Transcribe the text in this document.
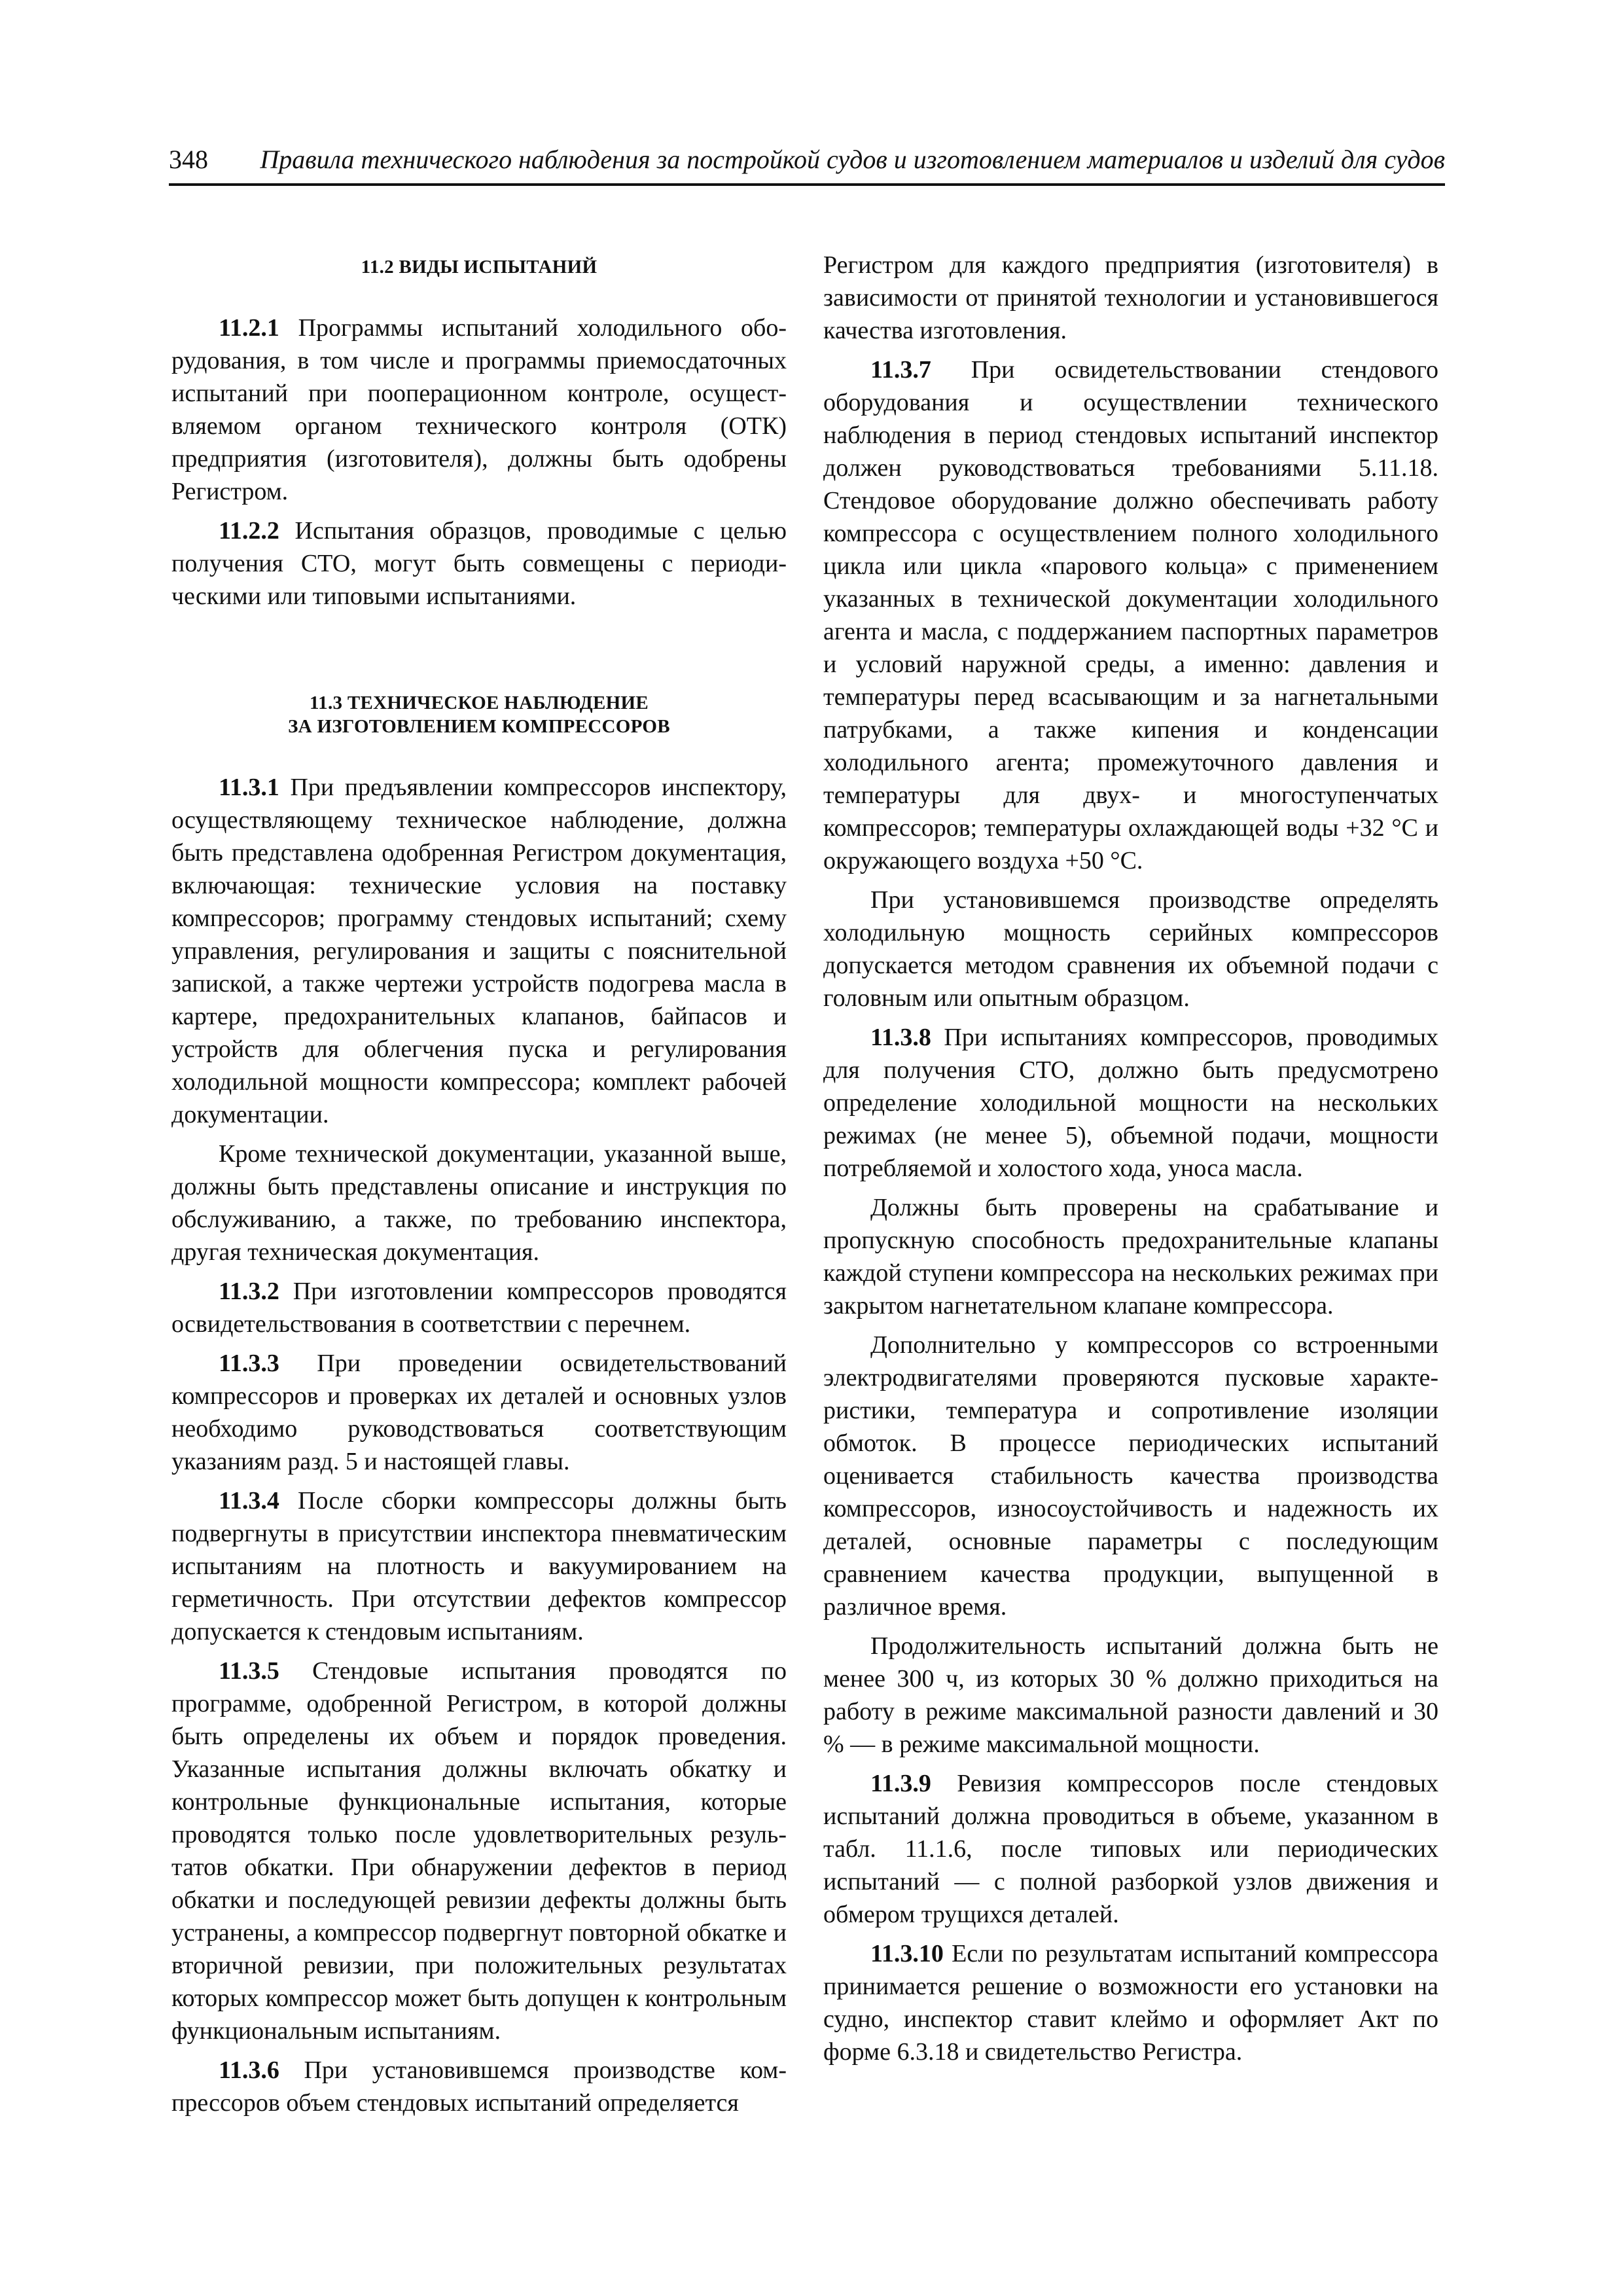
348 Правила технического наблюдения за постройкой судов и изготовлением материалов и изделий для судов
11.2 ВИДЫ ИСПЫТАНИЙ

11.2.1 Программы испытаний холодильного оборудования, в том числе и программы приемосдаточных испытаний при пооперационном контроле, осуществляемом органом технического контроля (ОТК) предприятия (изготовителя), должны быть одобрены Регистром.

11.2.2 Испытания образцов, проводимые с целью получения СТО, могут быть совмещены с периодическими или типовыми испытаниями.

11.3 ТЕХНИЧЕСКОЕ НАБЛЮДЕНИЕ
ЗА ИЗГОТОВЛЕНИЕМ КОМПРЕССОРОВ

11.3.1 При предъявлении компрессоров инспектору, осуществляющему техническое наблюдение, должна быть представлена одобренная Регистром документация, включающая: технические условия на поставку компрессоров; программу стендовых испытаний; схему управления, регулирования и защиты с пояснительной запиской, а также чертежи устройств подогрева масла в картере, предохранительных клапанов, байпасов и устройств для облегчения пуска и регулирования холодильной мощности компрессора; комплект рабочей документации.

Кроме технической документации, указанной выше, должны быть представлены описание и инструкция по обслуживанию, а также, по требованию инспектора, другая техническая документация.

11.3.2 При изготовлении компрессоров проводятся освидетельствования в соответствии с перечнем.

11.3.3 При проведении освидетельствований компрессоров и проверках их деталей и основных узлов необходимо руководствоваться соответствующим указаниям разд. 5 и настоящей главы.

11.3.4 После сборки компрессоры должны быть подвергнуты в присутствии инспектора пневматическим испытаниям на плотность и вакуумированием на герметичность. При отсутствии дефектов компрессор допускается к стендовым испытаниям.

11.3.5 Стендовые испытания проводятся по программе, одобренной Регистром, в которой должны быть определены их объем и порядок проведения. Указанные испытания должны включать обкатку и контрольные функциональные испытания, которые проводятся только после удовлетворительных результатов обкатки. При обнаружении дефектов в период обкатки и последующей ревизии дефекты должны быть устранены, а компрессор подвергнут повторной обкатке и вторичной ревизии, при положительных результатах которых компрессор может быть допущен к контрольным функциональным испытаниям.

11.3.6 При установившемся производстве компрессоров объем стендовых испытаний определяется

Регистром для каждого предприятия (изготовителя) в зависимости от принятой технологии и установившегося качества изготовления.

11.3.7 При освидетельствовании стендового оборудования и осуществлении технического наблюдения в период стендовых испытаний инспектор должен руководствоваться требованиями 5.11.18. Стендовое оборудование должно обеспечивать работу компрессора с осуществлением полного холодильного цикла или цикла «парового кольца» с применением указанных в технической документации холодильного агента и масла, с поддержанием паспортных параметров и условий наружной среды, а именно: давления и температуры перед всасывающим и за нагнетальными патрубками, а также кипения и конденсации холодильного агента; промежуточного давления и температуры для двух- и многоступенчатых компрессоров; температуры охлаждающей воды +32 °С и окружающего воздуха +50 °С.

При установившемся производстве определять холодильную мощность серийных компрессоров допускается методом сравнения их объемной подачи с головным или опытным образцом.

11.3.8 При испытаниях компрессоров, проводимых для получения СТО, должно быть предусмотрено определение холодильной мощности на нескольких режимах (не менее 5), объемной подачи, мощности потребляемой и холостого хода, уноса масла.

Должны быть проверены на срабатывание и пропускную способность предохранительные клапаны каждой ступени компрессора на нескольких режимах при закрытом нагнетательном клапане компрессора.

Дополнительно у компрессоров со встроенными электродвигателями проверяются пусковые характеристики, температура и сопротивление изоляции обмоток. В процессе периодических испытаний оценивается стабильность качества производства компрессоров, износоустойчивость и надежность их деталей, основные параметры с последующим сравнением качества продукции, выпущенной в различное время.

Продолжительность испытаний должна быть не менее 300 ч, из которых 30 % должно приходиться на работу в режиме максимальной разности давлений и 30 % — в режиме максимальной мощности.

11.3.9 Ревизия компрессоров после стендовых испытаний должна проводиться в объеме, указанном в табл. 11.1.6, после типовых или периодических испытаний — с полной разборкой узлов движения и обмером трущихся деталей.

11.3.10 Если по результатам испытаний компрессора принимается решение о возможности его установки на судно, инспектор ставит клеймо и оформляет Акт по форме 6.3.18 и свидетельство Регистра.
